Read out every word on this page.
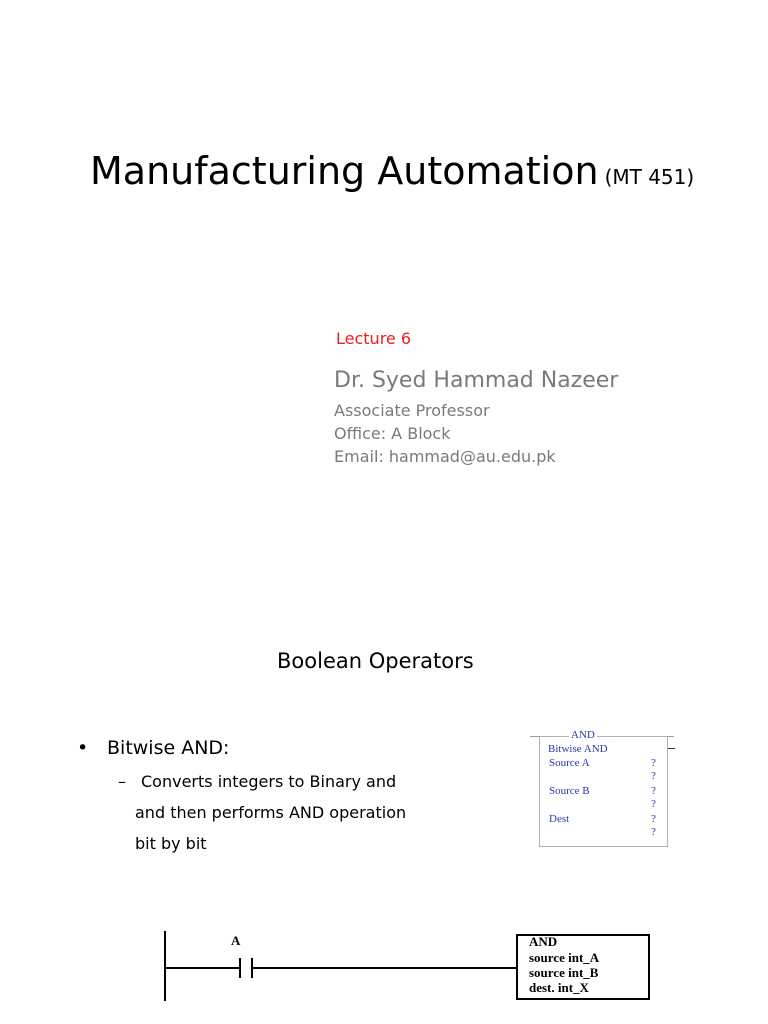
Manufacturing Automation (MT 451)
Lecture 6
Dr. Syed Hammad Nazeer
Associate Professor
Office: A Block
Email: hammad@au.edu.pk
Boolean Operators
• Bitwise AND:
– Converts integers to Binary and
and then performs AND operation
bit by bit
AND
Bitwise AND
Source A
Source B
Dest
?
?
?
?
?
?
A	AND
source int_A
source int_B
dest. int_X
